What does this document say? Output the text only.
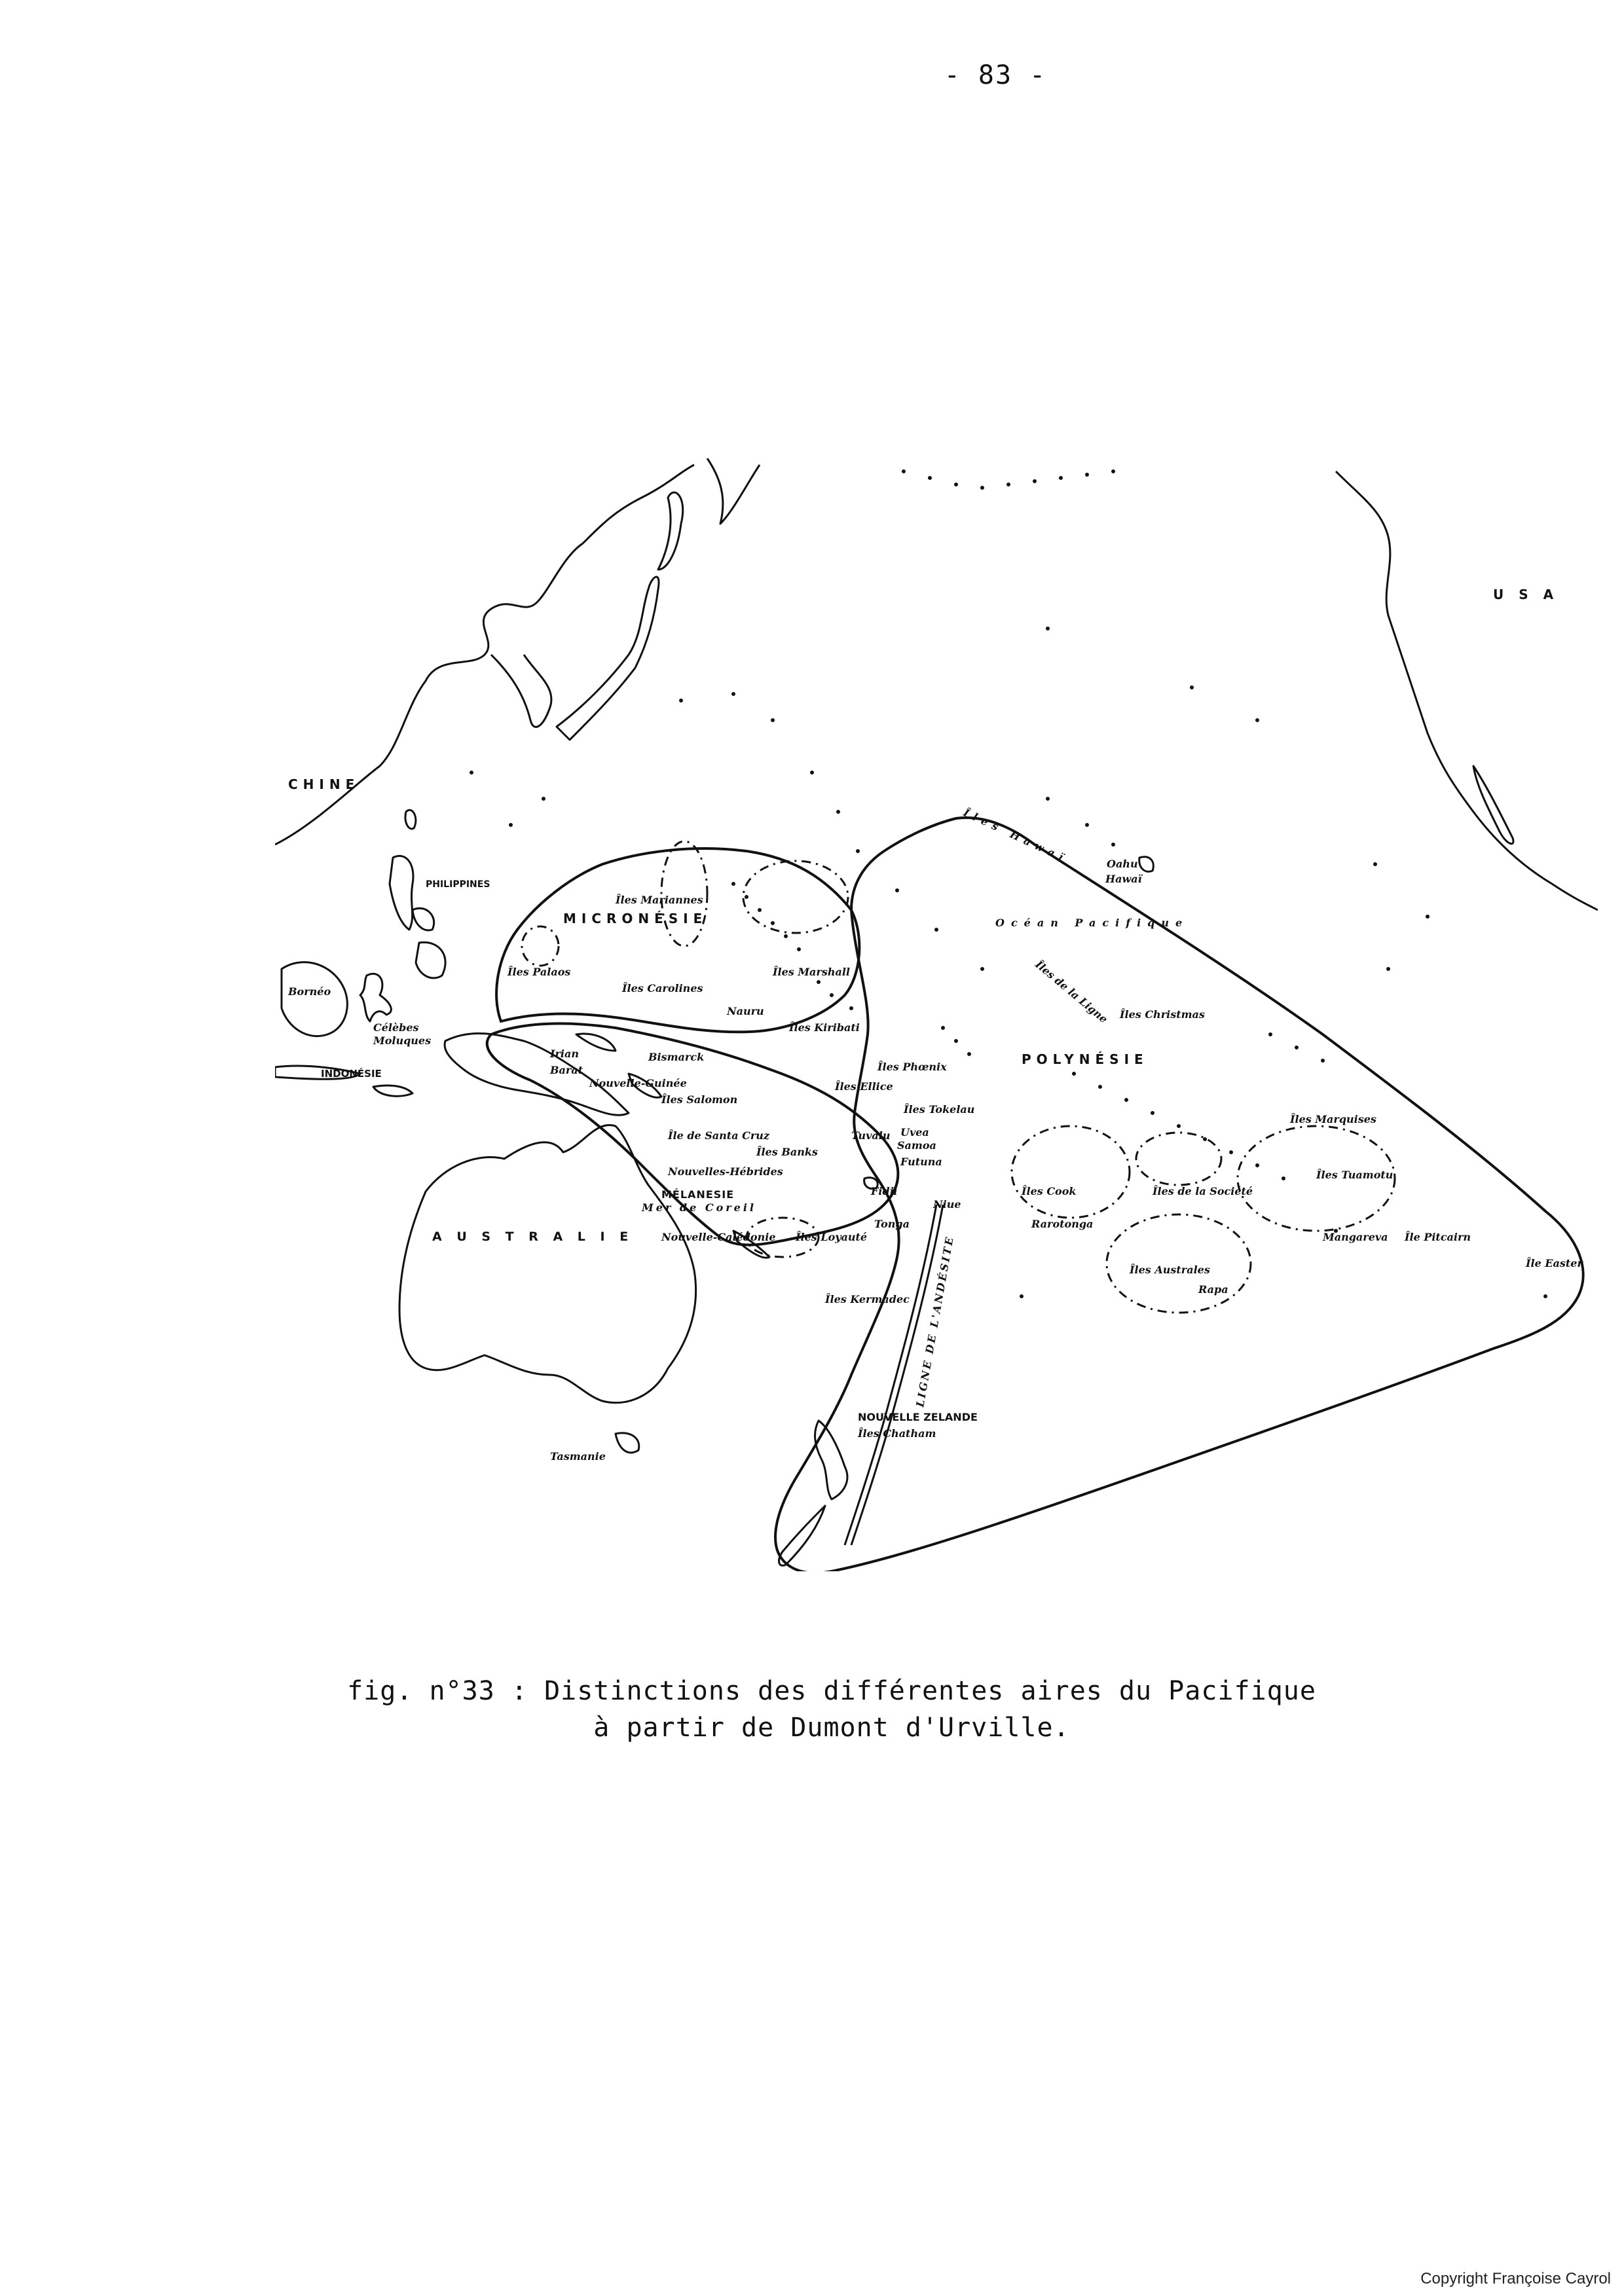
- 83 -
CHINE
U S A
PHILIPPINES
INDONÉSIE
A U S T R A L I E
NOUVELLE ZELANDE
Bornéo
Tasmanie
MICRONÉSIE
MÉLANESIE
POLYNÉSIE
Océan Pacifique
Mer de Coreil
LIGNE DE L'ANDÉSITE
Îles Hawaï	Oahu
Hawaï
Îles Mariannes
Îles Carolines
Îles Marshall
Îles Palaos
Nauru
Îles Kiribati
Îles Phœnix
Îles de la Ligne Îles Christmas
Îles Tokelau
Îles Ellice
Tuvalu Uvea
Samoa
Futuna
Fidji
Tonga
Niue
Île de Santa Cruz
Îles Banks
Nouvelles-Hébrides
Nouvelle-Calédonie Îles Loyauté
Îles Salomon
Bismarck
Irian
Barat
Nouvelle-Guinée
Îles Marquises
Îles Tuamotu
Îles de la Société
Îles Cook
Rarotonga
Îles Australes
Rapa
Mangareva Île Pitcairn
Île Easter
Îles Kermadec
Îles Chatham
Célèbes
Moluques
fig. n°33 : Distinctions des différentes aires du Pacifique
à partir de Dumont d'Urville.
Copyright Françoise Cayrol
